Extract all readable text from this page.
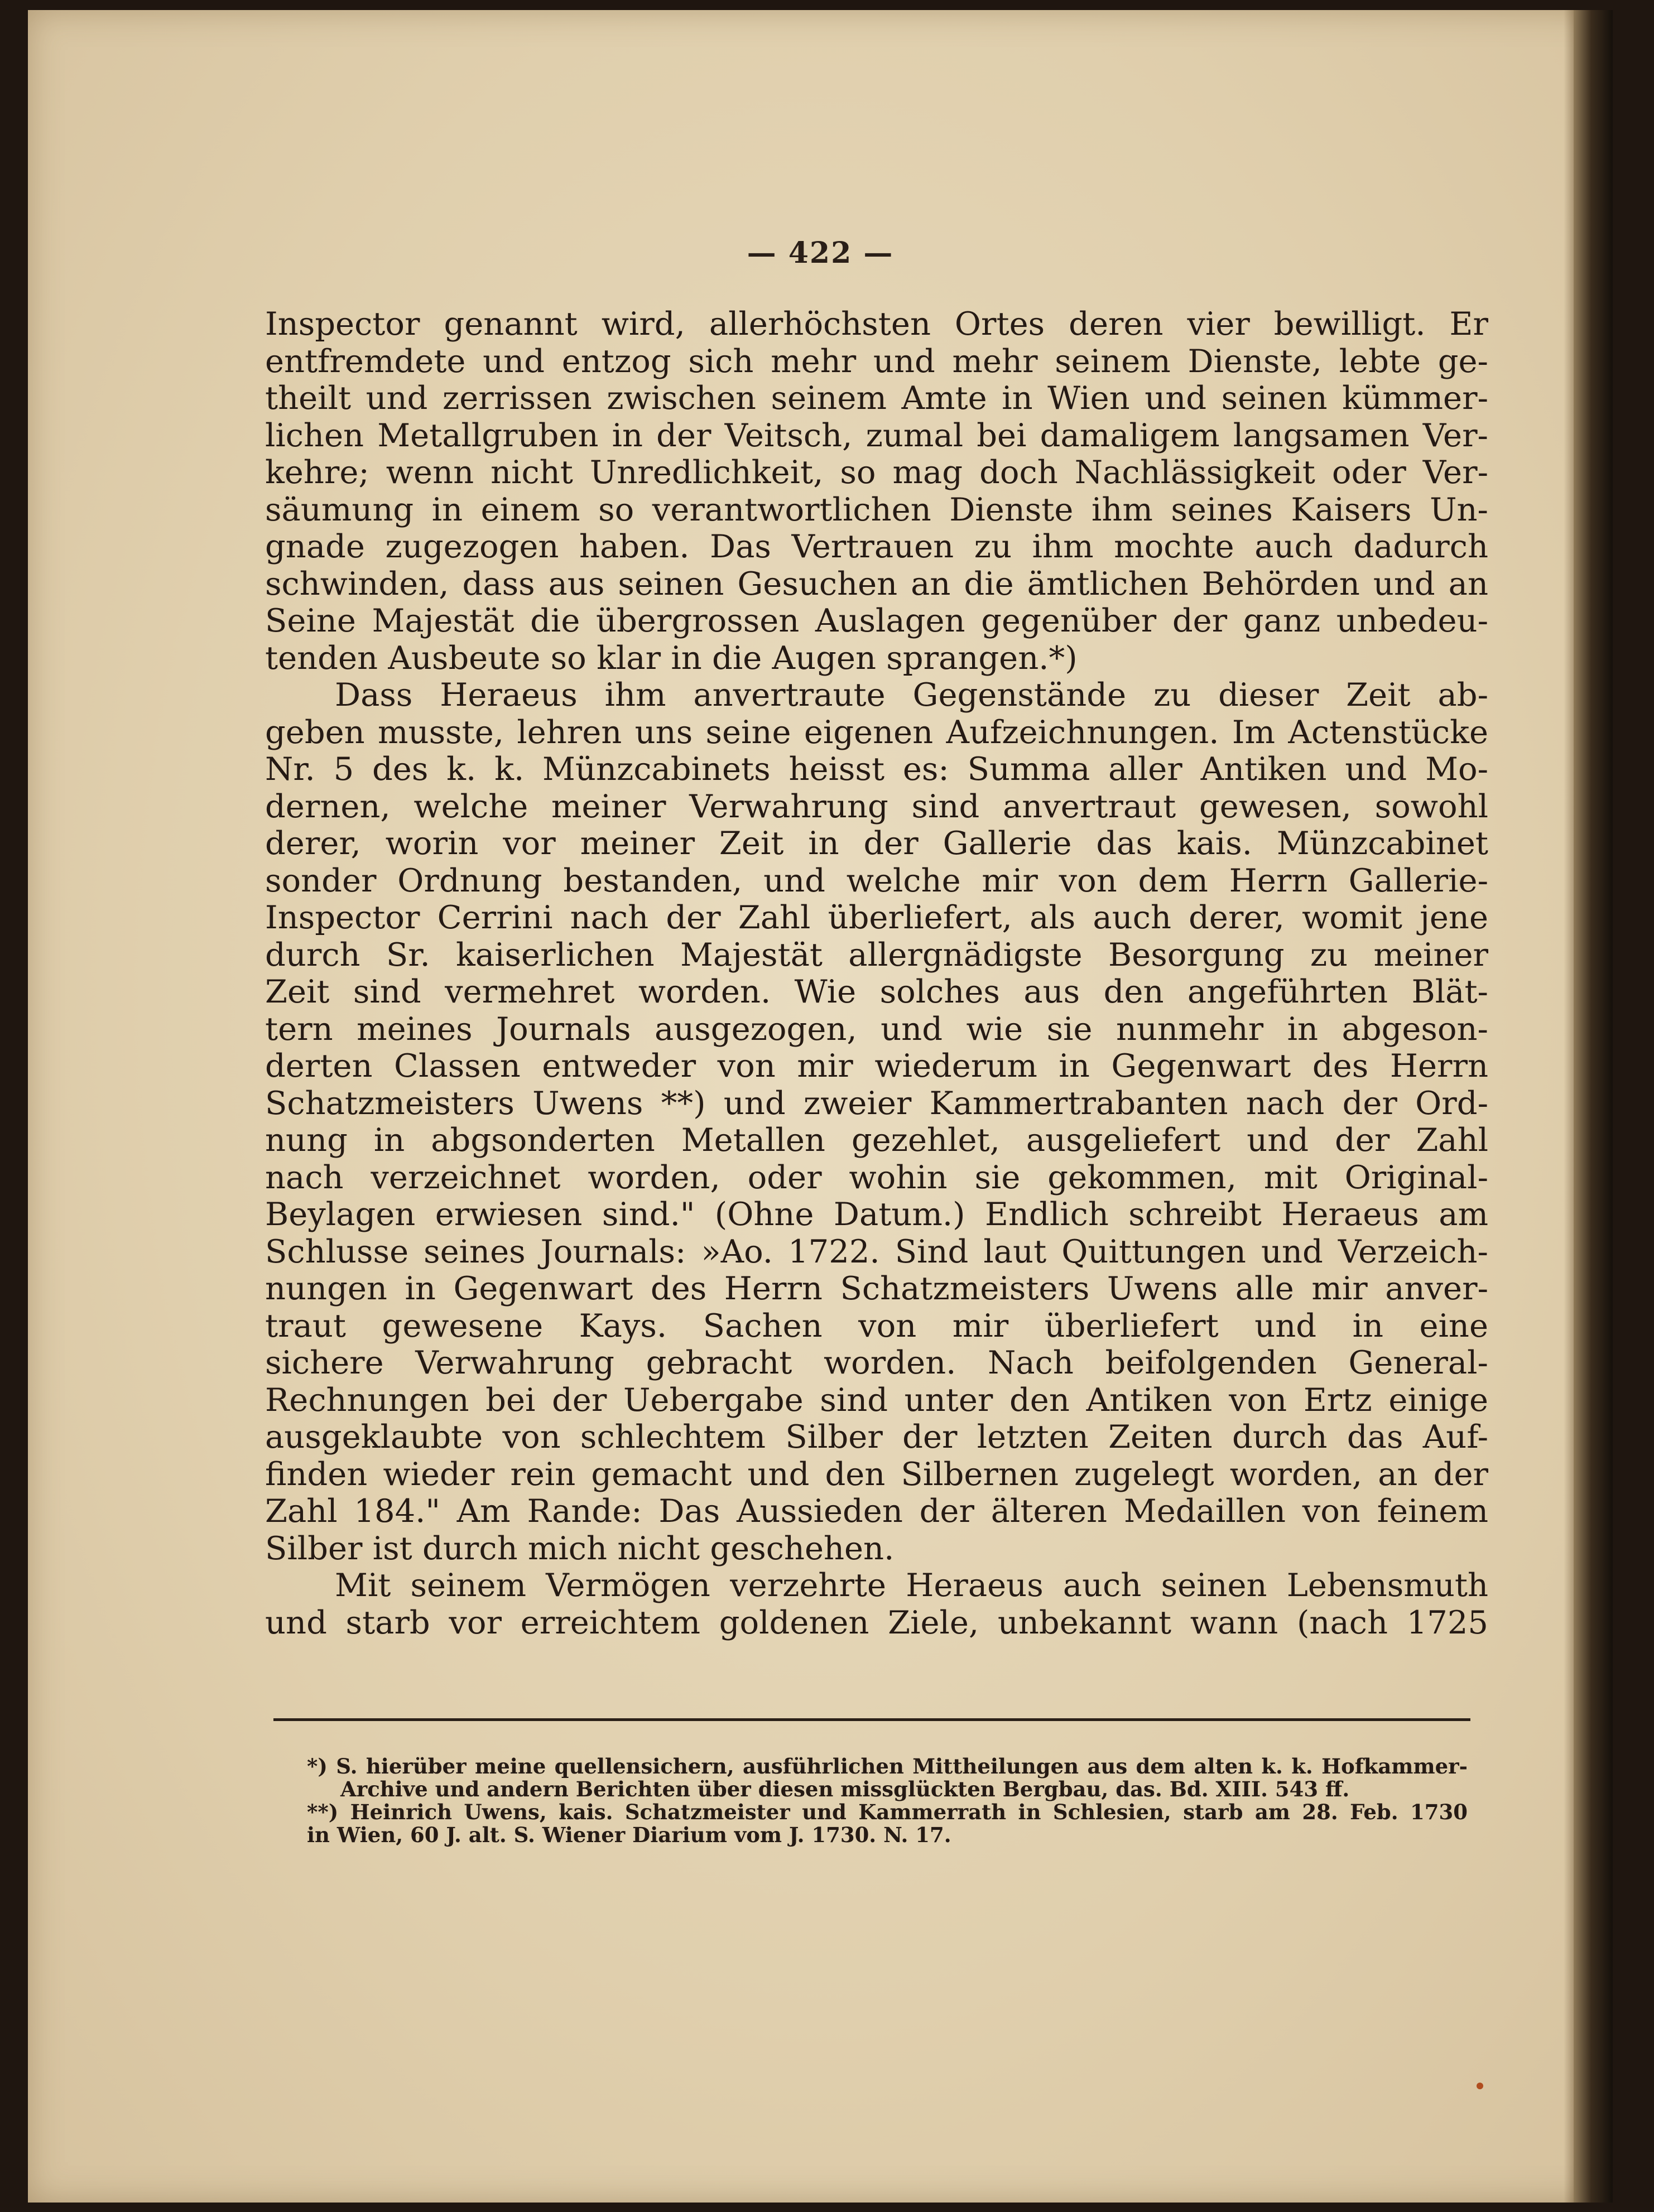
— 422 —
Inspector genannt wird, allerhöchsten Ortes deren vier bewilligt. Er
entfremdete und entzog sich mehr und mehr seinem Dienste, lebte ge-
theilt und zerrissen zwischen seinem Amte in Wien und seinen kümmer-
lichen Metallgruben in der Veitsch, zumal bei damaligem langsamen Ver-
kehre; wenn nicht Unredlichkeit, so mag doch Nachlässigkeit oder Ver-
säumung in einem so verantwortlichen Dienste ihm seines Kaisers Un-
gnade zugezogen haben. Das Vertrauen zu ihm mochte auch dadurch
schwinden, dass aus seinen Gesuchen an die ämtlichen Behörden und an
Seine Majestät die übergrossen Auslagen gegenüber der ganz unbedeu-
tenden Ausbeute so klar in die Augen sprangen.*)
Dass Heraeus ihm anvertraute Gegenstände zu dieser Zeit ab-
geben musste, lehren uns seine eigenen Aufzeichnungen. Im Actenstücke
Nr. 5 des k. k. Münzcabinets heisst es: Summa aller Antiken und Mo-
dernen, welche meiner Verwahrung sind anvertraut gewesen, sowohl
derer, worin vor meiner Zeit in der Gallerie das kais. Münzcabinet
sonder Ordnung bestanden, und welche mir von dem Herrn Gallerie-
Inspector Cerrini nach der Zahl überliefert, als auch derer, womit jene
durch Sr. kaiserlichen Majestät allergnädigste Besorgung zu meiner
Zeit sind vermehret worden. Wie solches aus den angeführten Blät-
tern meines Journals ausgezogen, und wie sie nunmehr in abgeson-
derten Classen entweder von mir wiederum in Gegenwart des Herrn
Schatzmeisters Uwens **) und zweier Kammertrabanten nach der Ord-
nung in abgsonderten Metallen gezehlet, ausgeliefert und der Zahl
nach verzeichnet worden, oder wohin sie gekommen, mit Original-
Beylagen erwiesen sind." (Ohne Datum.) Endlich schreibt Heraeus am
Schlusse seines Journals: »Ao. 1722. Sind laut Quittungen und Verzeich-
nungen in Gegenwart des Herrn Schatzmeisters Uwens alle mir anver-
traut gewesene Kays. Sachen von mir überliefert und in eine
sichere Verwahrung gebracht worden. Nach beifolgenden General-
Rechnungen bei der Uebergabe sind unter den Antiken von Ertz einige
ausgeklaubte von schlechtem Silber der letzten Zeiten durch das Auf-
finden wieder rein gemacht und den Silbernen zugelegt worden, an der
Zahl 184." Am Rande: Das Aussieden der älteren Medaillen von feinem
Silber ist durch mich nicht geschehen.
Mit seinem Vermögen verzehrte Heraeus auch seinen Lebensmuth
und starb vor erreichtem goldenen Ziele, unbekannt wann (nach 1725
*) S. hierüber meine quellensichern, ausführlichen Mittheilungen aus dem alten k. k. Hofkammer-
Archive und andern Berichten über diesen missglückten Bergbau, das. Bd. XIII. 543 ff.
**) Heinrich Uwens, kais. Schatzmeister und Kammerrath in Schlesien, starb am 28. Feb. 1730
in Wien, 60 J. alt. S. Wiener Diarium vom J. 1730. N. 17.
